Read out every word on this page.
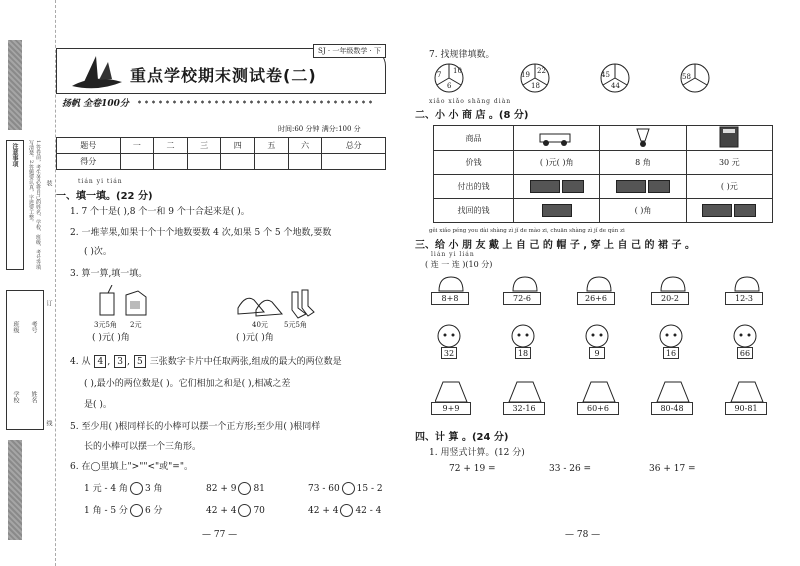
注意事项	1.答卷前，考生务必将自己的姓名、学校、班级、考号等填写清楚。2.答题要认真，字迹要工整。
学校
班级
姓名
考号
装
订
线
SJ · 一年级数学 · 下
重点学校期末测试卷(二)
扬帆 全卷100分
时间:60 分钟 满分:100 分
题号	一	二	三	四	五	六	总分
得分							
tián yi tián
一、填一填。(22 分)
1. 7 个十是( ),8 个一和 9 个十合起来是( )。
2. 一堆苹果,如果十个十个地数要数 4 次,如果 5 个 5 个地数,要数
( )次。
3. 算一算,填一填。
3元5角 2元
( )元( )角
40元 5元5角
( )元( )角
4. 从 4 , 3 , 5 三张数字卡片中任取两张,组成的最大的两位数是
( ),最小的两位数是( )。它们相加之和是( ),相减之差
是( )。
5. 至少用( )根同样长的小棒可以摆一个正方形;至少用( )根同样
长的小棒可以摆一个三角形。
6. 在◯里填上">""<"或"="。
1 元 - 4 角 3 角	82 + 9 81	73 - 60 15 - 2
1 角 - 5 分 6 分	42 + 4 70	42 + 4 42 - 4
— 77 —
7. 找规律填数。
7 10
6
19 22
18
45
44
58
xiǎo xiǎo shāng diàn
二、小 小 商 店 。(8 分)
商品			
价钱	( )元( )角	8 角	30 元
付出的钱			( )元
找回的钱		( )角	
gěi xiǎo péng you dài shàng zì jǐ de mào zi, chuān shàng zì jǐ de qún zi
三、给 小 朋 友 戴 上 自 己 的 帽 子 , 穿 上 自 己 的 裙 子 。
lián yi lián
( 连 一 连 )(10 分)
8+8	72-6	26+6	20-2	12-3
32	18	9	16	66
9+9	32-16	60+6	80-48	90-81
四、计 算 。(24 分)
1. 用竖式计算。(12 分)
72 + 19 =	33 - 26 =	36 + 17 =
— 78 —
